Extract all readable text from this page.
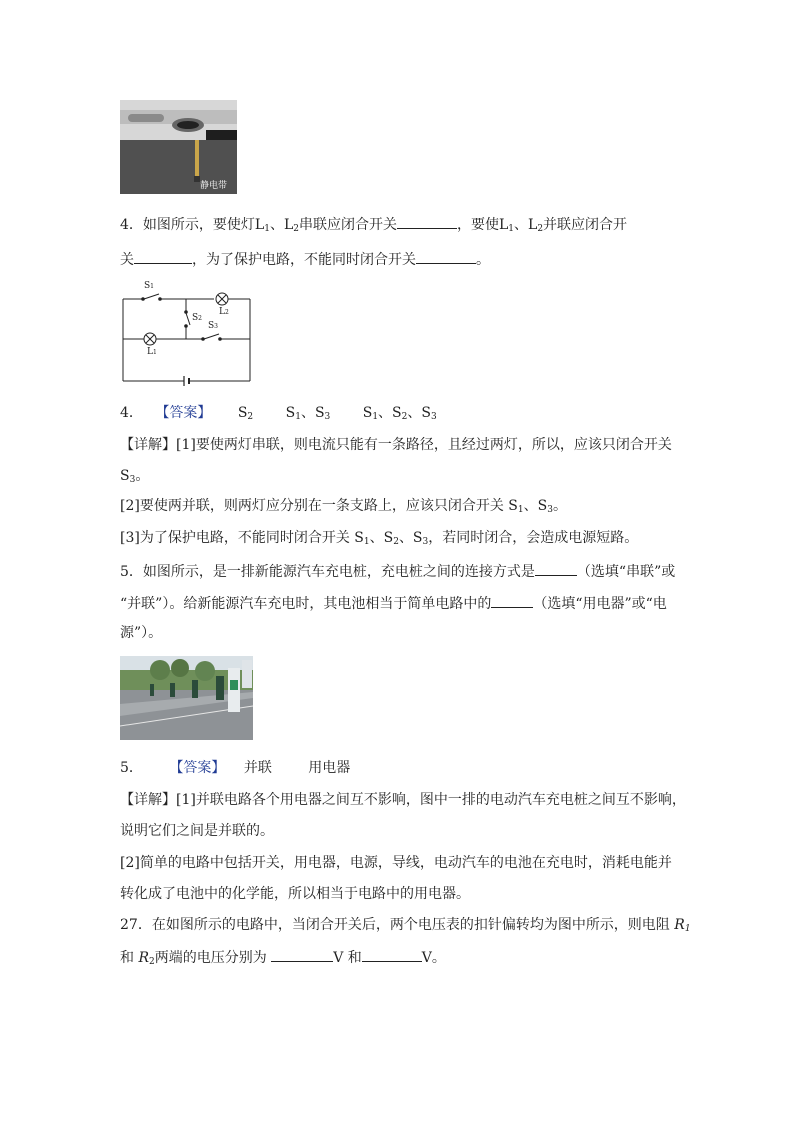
静电带
4．如图所示，要使灯$L_1$、$L_2$串联应闭合开关	，要使$L_1$、$L_2$并联应闭合开
关	，为了保护电路，不能同时闭合开关	。
S1
S2
S3
L1
L2
4． 【答案】 $S_2$ $S_1$、$S_3$ $S_1$、$S_2$、$S_3$
【详解】[1]要使两灯串联，则电流只能有一条路径，且经过两灯，所以，应该只闭合开关
$S_3$。
[2]要使两并联，则两灯应分别在一条支路上，应该只闭合开关 $S_1$、$S_3$。
[3]为了保护电路，不能同时闭合开关 $S_1$、$S_2$、$S_3$，若同时闭合，会造成电源短路。
5．如图所示，是一排新能源汽车充电桩，充电桩之间的连接方式是	（选填“串联”或
“并联”）。给新能源汽车充电时，其电池相当于简单电路中的	（选填“用电器”或“电
源”）。
5． 【答案】 并联	用电器
【详解】[1]并联电路各个用电器之间互不影响，图中一排的电动汽车充电桩之间互不影响，
说明它们之间是并联的。
[2]简单的电路中包括开关，用电器，电源，导线，电动汽车的电池在充电时，消耗电能并
转化成了电池中的化学能，所以相当于电路中的用电器。
27．在如图所示的电路中，当闭合开关后，两个电压表的扣针偏转均为图中所示，则电阻 $R_1$
和 $R_2$两端的电压分别为	V 和	V。
